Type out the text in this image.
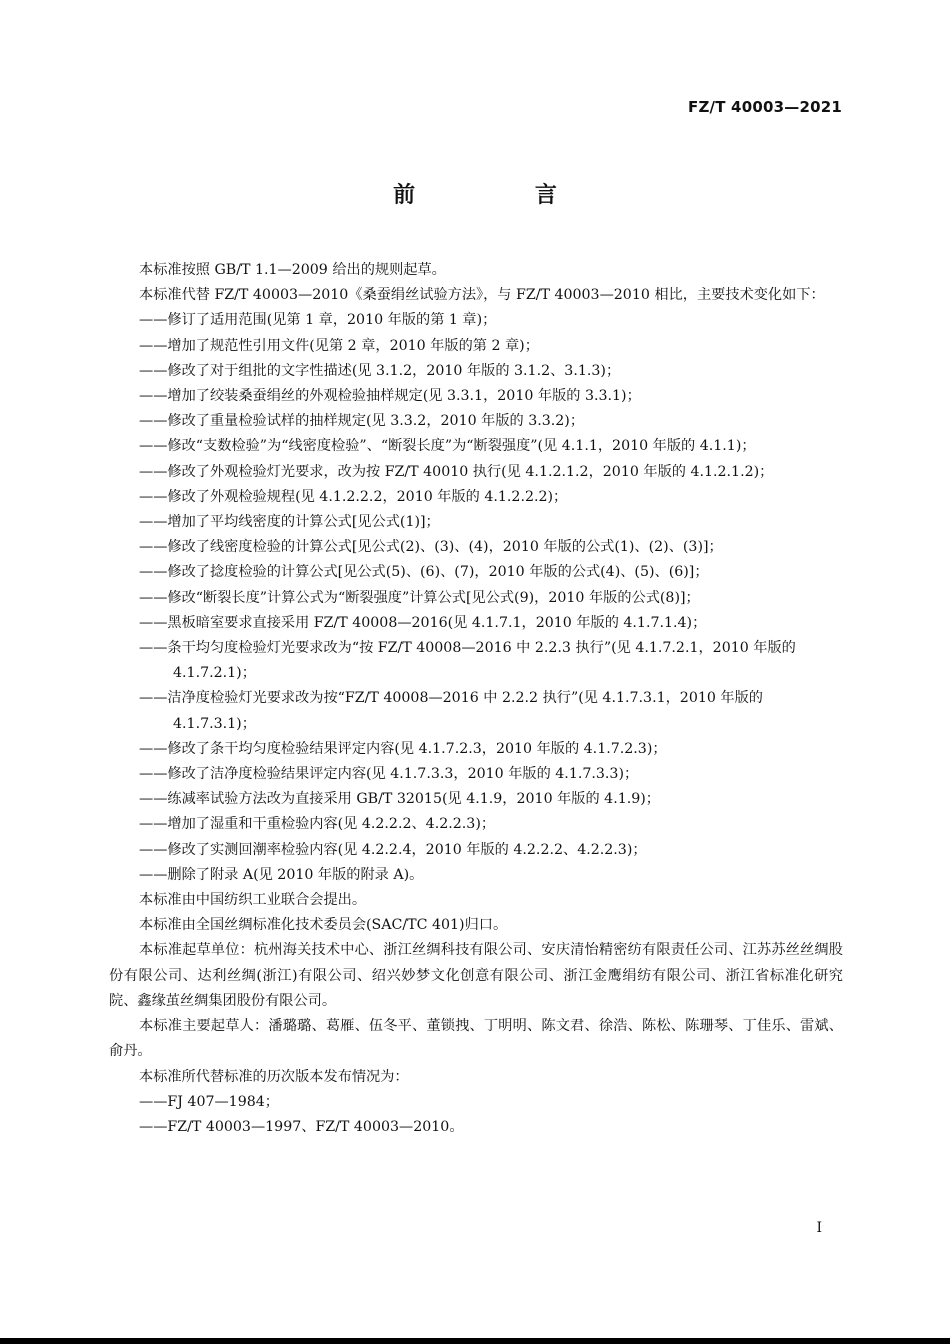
FZ/T 40003—2021
前 言
本标准按照 GB/T 1.1—2009 给出的规则起草。
本标准代替 FZ/T 40003—2010《桑蚕绢丝试验方法》，与 FZ/T 40003—2010 相比，主要技术变化如下：
——修订了适用范围(见第 1 章，2010 年版的第 1 章)；
——增加了规范性引用文件(见第 2 章，2010 年版的第 2 章)；
——修改了对于组批的文字性描述(见 3.1.2，2010 年版的 3.1.2、3.1.3)；
——增加了绞装桑蚕绢丝的外观检验抽样规定(见 3.3.1，2010 年版的 3.3.1)；
——修改了重量检验试样的抽样规定(见 3.3.2，2010 年版的 3.3.2)；
——修改“支数检验”为“线密度检验”、“断裂长度”为“断裂强度”(见 4.1.1，2010 年版的 4.1.1)；
——修改了外观检验灯光要求，改为按 FZ/T 40010 执行(见 4.1.2.1.2，2010 年版的 4.1.2.1.2)；
——修改了外观检验规程(见 4.1.2.2.2，2010 年版的 4.1.2.2.2)；
——增加了平均线密度的计算公式[见公式(1)]；
——修改了线密度检验的计算公式[见公式(2)、(3)、(4)，2010 年版的公式(1)、(2)、(3)]；
——修改了捻度检验的计算公式[见公式(5)、(6)、(7)，2010 年版的公式(4)、(5)、(6)]；
——修改“断裂长度”计算公式为“断裂强度”计算公式[见公式(9)，2010 年版的公式(8)]；
——黑板暗室要求直接采用 FZ/T 40008—2016(见 4.1.7.1，2010 年版的 4.1.7.1.4)；
——条干均匀度检验灯光要求改为“按 FZ/T 40008—2016 中 2.2.3 执行”(见 4.1.7.2.1，2010 年版的 4.1.7.2.1)；
——洁净度检验灯光要求改为按“FZ/T 40008—2016 中 2.2.2 执行”(见 4.1.7.3.1，2010 年版的 4.1.7.3.1)；
——修改了条干均匀度检验结果评定内容(见 4.1.7.2.3，2010 年版的 4.1.7.2.3)；
——修改了洁净度检验结果评定内容(见 4.1.7.3.3，2010 年版的 4.1.7.3.3)；
——练减率试验方法改为直接采用 GB/T 32015(见 4.1.9，2010 年版的 4.1.9)；
——增加了湿重和干重检验内容(见 4.2.2.2、4.2.2.3)；
——修改了实测回潮率检验内容(见 4.2.2.4，2010 年版的 4.2.2.2、4.2.2.3)；
——删除了附录 A(见 2010 年版的附录 A)。
本标准由中国纺织工业联合会提出。
本标准由全国丝绸标准化技术委员会(SAC/TC 401)归口。
本标准起草单位：杭州海关技术中心、浙江丝绸科技有限公司、安庆清怡精密纺有限责任公司、江苏苏丝丝绸股份有限公司、达利丝绸(浙江)有限公司、绍兴妙梦文化创意有限公司、浙江金鹰绢纺有限公司、浙江省标准化研究院、鑫缘茧丝绸集团股份有限公司。
本标准主要起草人：潘璐璐、葛雁、伍冬平、董锁拽、丁明明、陈文君、徐浩、陈松、陈珊琴、丁佳乐、雷斌、俞丹。
本标准所代替标准的历次版本发布情况为：
——FJ 407—1984；
——FZ/T 40003—1997、FZ/T 40003—2010。
I
